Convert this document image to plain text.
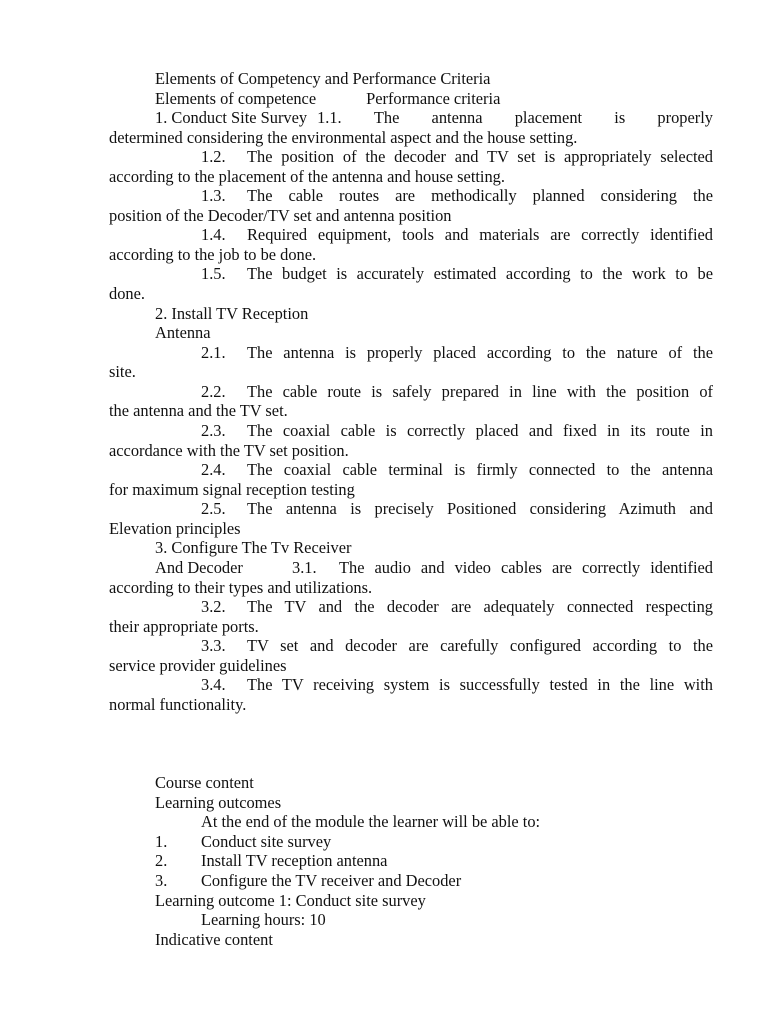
Elements of Competency and Performance Criteria

Elements of competence	Performance criteria

1. Conduct Site Survey 1.1. The antenna placement is properly

determined considering the environmental aspect and the house setting.

1.2.	The position of the decoder and TV set is appropriately selected

according to the placement of the antenna and house setting.

1.3.	The cable routes are methodically planned considering the

position of the Decoder/TV set and antenna position

1.4.	Required equipment, tools and materials are correctly identified

according to the job to be done.

1.5.	The budget is accurately estimated according to the work to be

done.

2. Install TV Reception

Antenna

2.1.	The antenna is properly placed according to the nature of the

site.

2.2.	The cable route is safely prepared in line with the position of

the antenna and the TV set.

2.3.	The coaxial cable is correctly placed and fixed in its route in

accordance with the TV set position.

2.4.	The coaxial cable terminal is firmly connected to the antenna

for maximum signal reception testing

2.5.	The antenna is precisely Positioned considering Azimuth and

Elevation principles

3. Configure The Tv Receiver

And Decoder	3.1.	The audio and video cables are correctly identified

according to their types and utilizations.

3.2.	The TV and the decoder are adequately connected respecting

their appropriate ports.

3.3.	TV set and decoder are carefully configured according to the

service provider guidelines

3.4.	The TV receiving system is successfully tested in the line with

normal functionality.

Course content

Learning outcomes

At the end of the module the learner will be able to:

1. Conduct site survey

2. Install TV reception antenna

3. Configure the TV receiver and Decoder

Learning outcome 1: Conduct site survey

Learning hours: 10

Indicative content
